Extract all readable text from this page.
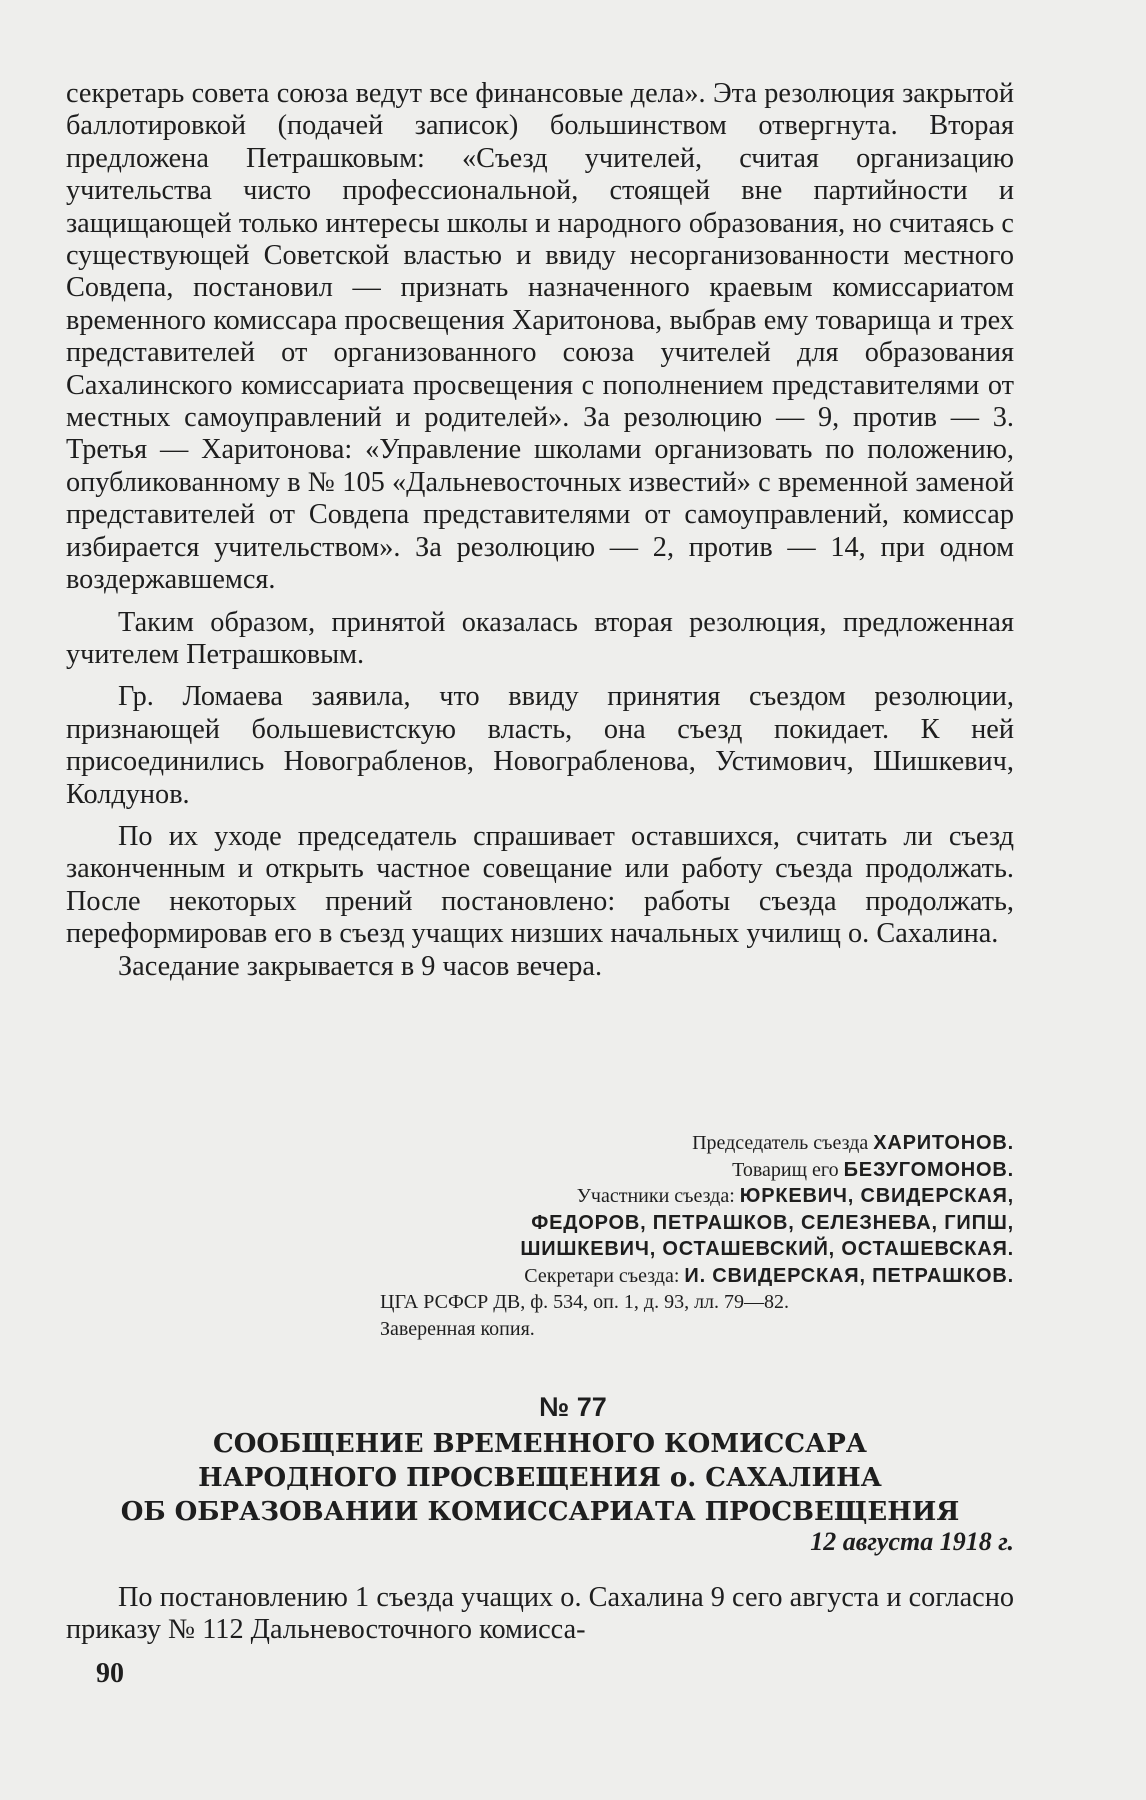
секретарь совета союза ведут все финансовые дела». Эта резолюция закрытой баллотировкой (подачей записок) большинством отвергнута. Вторая предложена Петрашковым: «Съезд учителей, считая организацию учительства чисто профессиональной, стоящей вне партийности и защищающей только интересы школы и народного образования, но считаясь с существующей Советской властью и ввиду несорганизованности местного Совдепа, постановил — признать назначенного краевым комиссариатом временного комиссара просвещения Харитонова, выбрав ему товарища и трех представителей от организованного союза учителей для образования Сахалинского комиссариата просвещения с пополнением представителями от местных самоуправлений и родителей». За резолюцию — 9, против — 3. Третья — Харитонова: «Управление школами организовать по положению, опубликованному в № 105 «Дальневосточных известий» с временной заменой представителей от Совдепа представителями от самоуправлений, комиссар избирается учительством». За резолюцию — 2, против — 14, при одном воздержавшемся.

Таким образом, принятой оказалась вторая резолюция, предложенная учителем Петрашковым.

Гр. Ломаева заявила, что ввиду принятия съездом резолюции, признающей большевистскую власть, она съезд покидает. К ней присоединились Новограбленов, Новограбленова, Устимович, Шишкевич, Колдунов.

По их уходе председатель спрашивает оставшихся, считать ли съезд законченным и открыть частное совещание или работу съезда продолжать. После некоторых прений постановлено: работы съезда продолжать, переформировав его в съезд учащих низших начальных училищ о. Сахалина.

Заседание закрывается в 9 часов вечера.

Председатель съезда ХАРИТОНОВ.
Товарищ его БЕЗУГОМОНОВ.
Участники съезда: ЮРКЕВИЧ, СВИДЕРСКАЯ,
ФЕДОРОВ, ПЕТРАШКОВ, СЕЛЕЗНЕВА, ГИПШ,
ШИШКЕВИЧ, ОСТАШЕВСКИЙ, ОСТАШЕВСКАЯ.
Секретари съезда: И. СВИДЕРСКАЯ, ПЕТРАШКОВ.
ЦГА РСФСР ДВ, ф. 534, оп. 1, д. 93, лл. 79—82.
Заверенная копия.
№ 77
СООБЩЕНИЕ ВРЕМЕННОГО КОМИССАРА
НАРОДНОГО ПРОСВЕЩЕНИЯ о. САХАЛИНА
ОБ ОБРАЗОВАНИИ КОМИССАРИАТА ПРОСВЕЩЕНИЯ
12 августа 1918 г.

По постановлению 1 съезда учащих о. Сахалина 9 сего августа и согласно приказу № 112 Дальневосточного комисса-

90
